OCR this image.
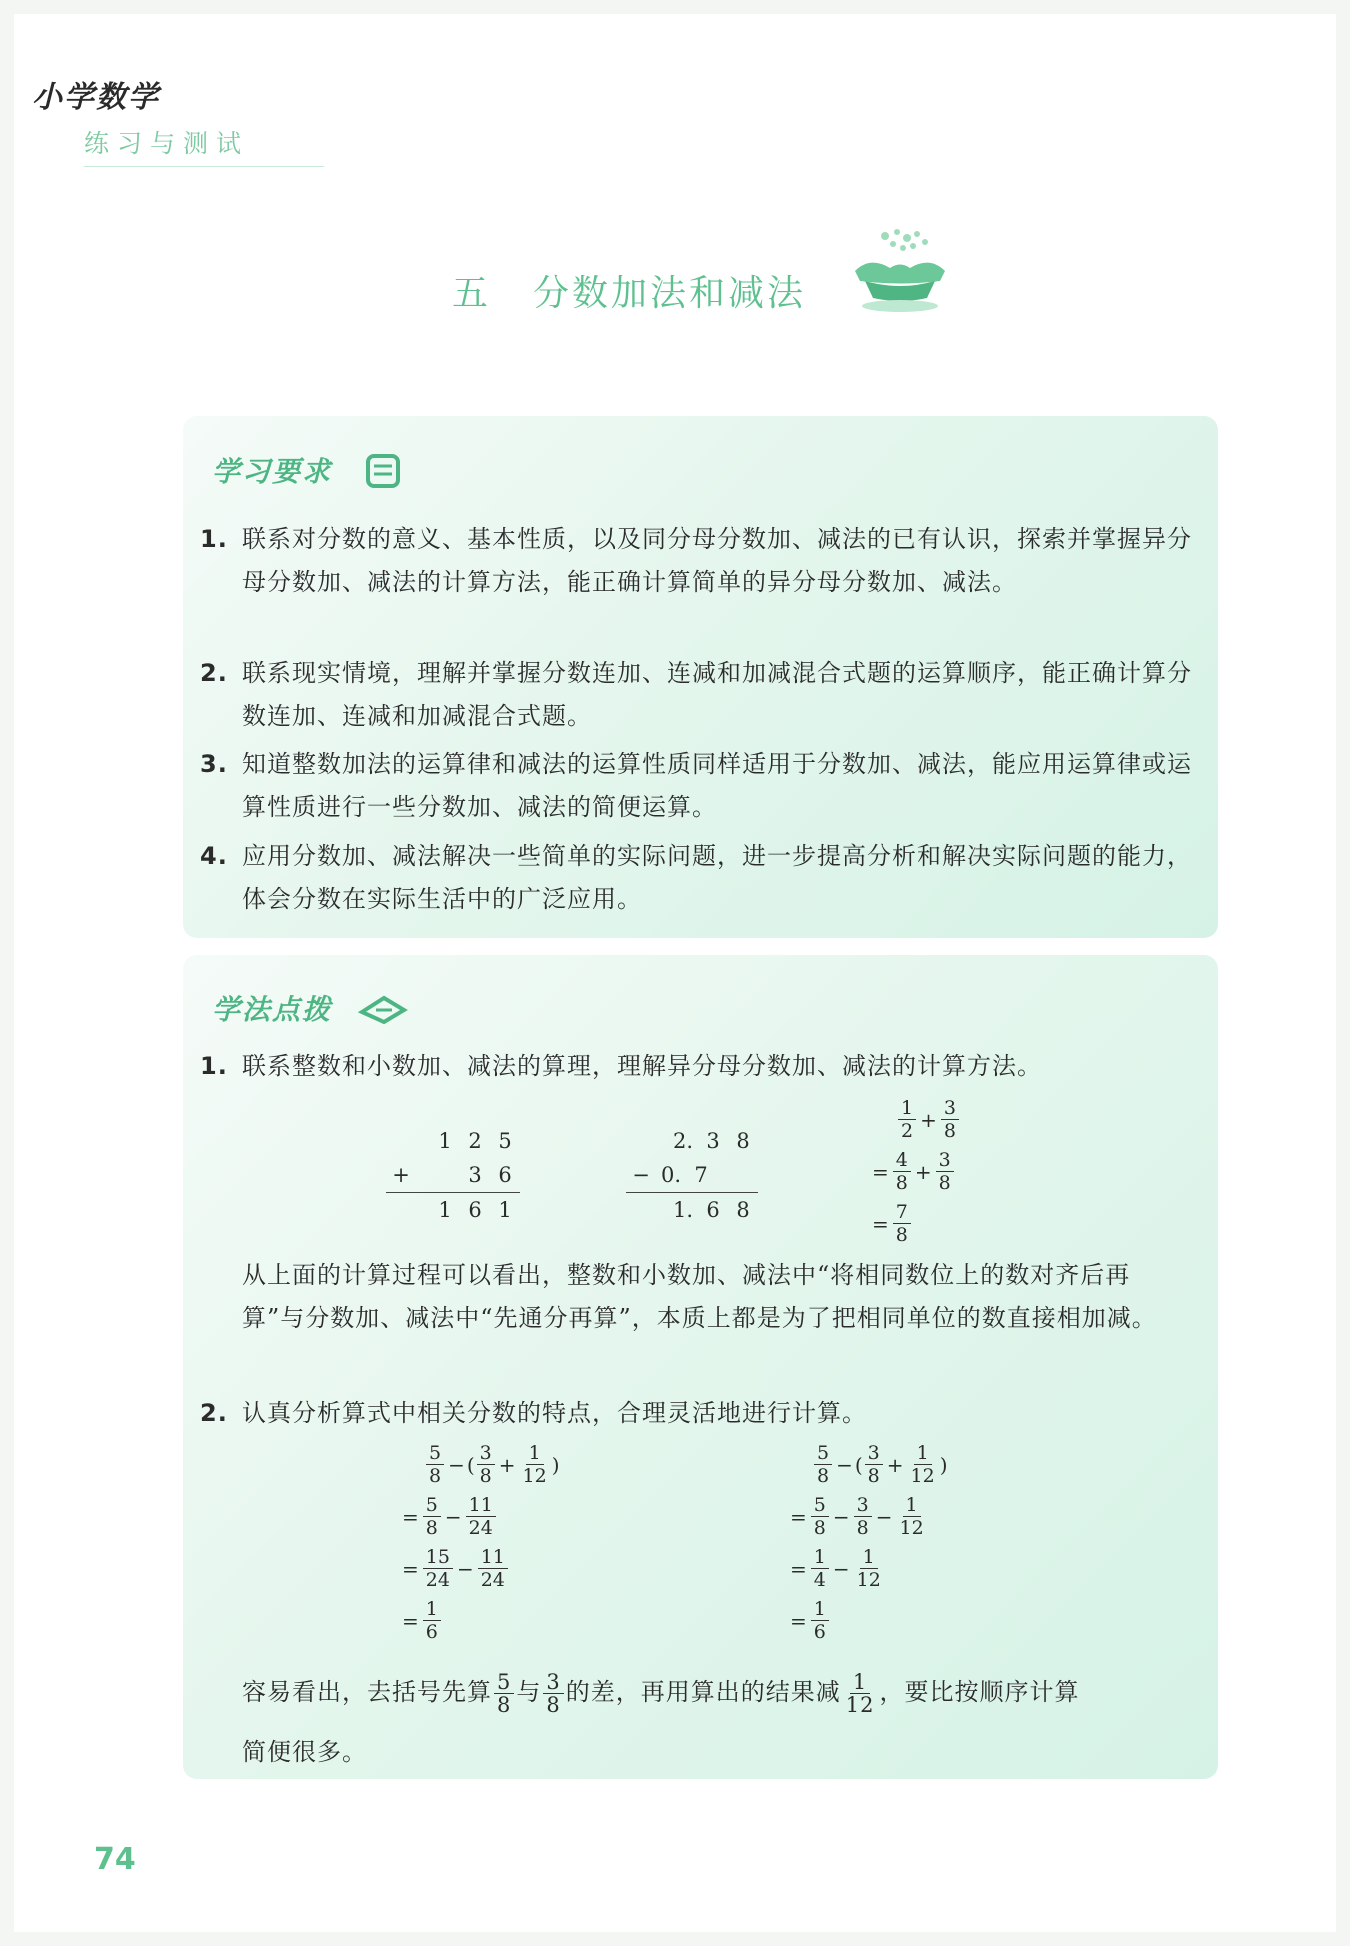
小学数学
练习与测试
五 分数加法和减法
学习要求
1. 联系对分数的意义、基本性质，以及同分母分数加、减法的已有认识，探索并掌握异分母分数加、减法的计算方法，能正确计算简单的异分母分数加、减法。
2. 联系现实情境，理解并掌握分数连加、连减和加减混合式题的运算顺序，能正确计算分数连加、连减和加减混合式题。
3. 知道整数加法的运算律和减法的运算性质同样适用于分数加、减法，能应用运算律或运算性质进行一些分数加、减法的简便运算。
4. 应用分数加、减法解决一些简单的实际问题，进一步提高分析和解决实际问题的能力，体会分数在实际生活中的广泛应用。
学法点拨
1. 联系整数和小数加、减法的算理，理解异分母分数加、减法的计算方法。
1 2 5
+	3 6
1 6 1
2. 3 8
− 0. 7
1. 6 8
$\frac{1}{2} + \frac{3}{8}$
= $\frac{4}{8} + \frac{3}{8}$
= $\frac{7}{8}$
从上面的计算过程可以看出，整数和小数加、减法中“将相同数位上的数对齐后再算”与分数加、减法中“先通分再算”，本质上都是为了把相同单位的数直接相加减。
2. 认真分析算式中相关分数的特点，合理灵活地进行计算。
$\frac{5}{8}$ − ( $\frac{3}{8} + \frac{1}{12}$ )
= $\frac{5}{8} - \frac{11}{24}$
= $\frac{15}{24} - \frac{11}{24}$
= $\frac{1}{6}$
$\frac{5}{8}$ − ( $\frac{3}{8} + \frac{1}{12}$ )
= $\frac{5}{8} - \frac{3}{8} - \frac{1}{12}$
= $\frac{1}{4} - \frac{1}{12}$
= $\frac{1}{6}$
容易看出，去括号先算 $\frac{5}{8}$ 与 $\frac{3}{8}$ 的差，再用算出的结果减 $\frac{1}{12}$ ，要比按顺序计算
简便很多。
74
